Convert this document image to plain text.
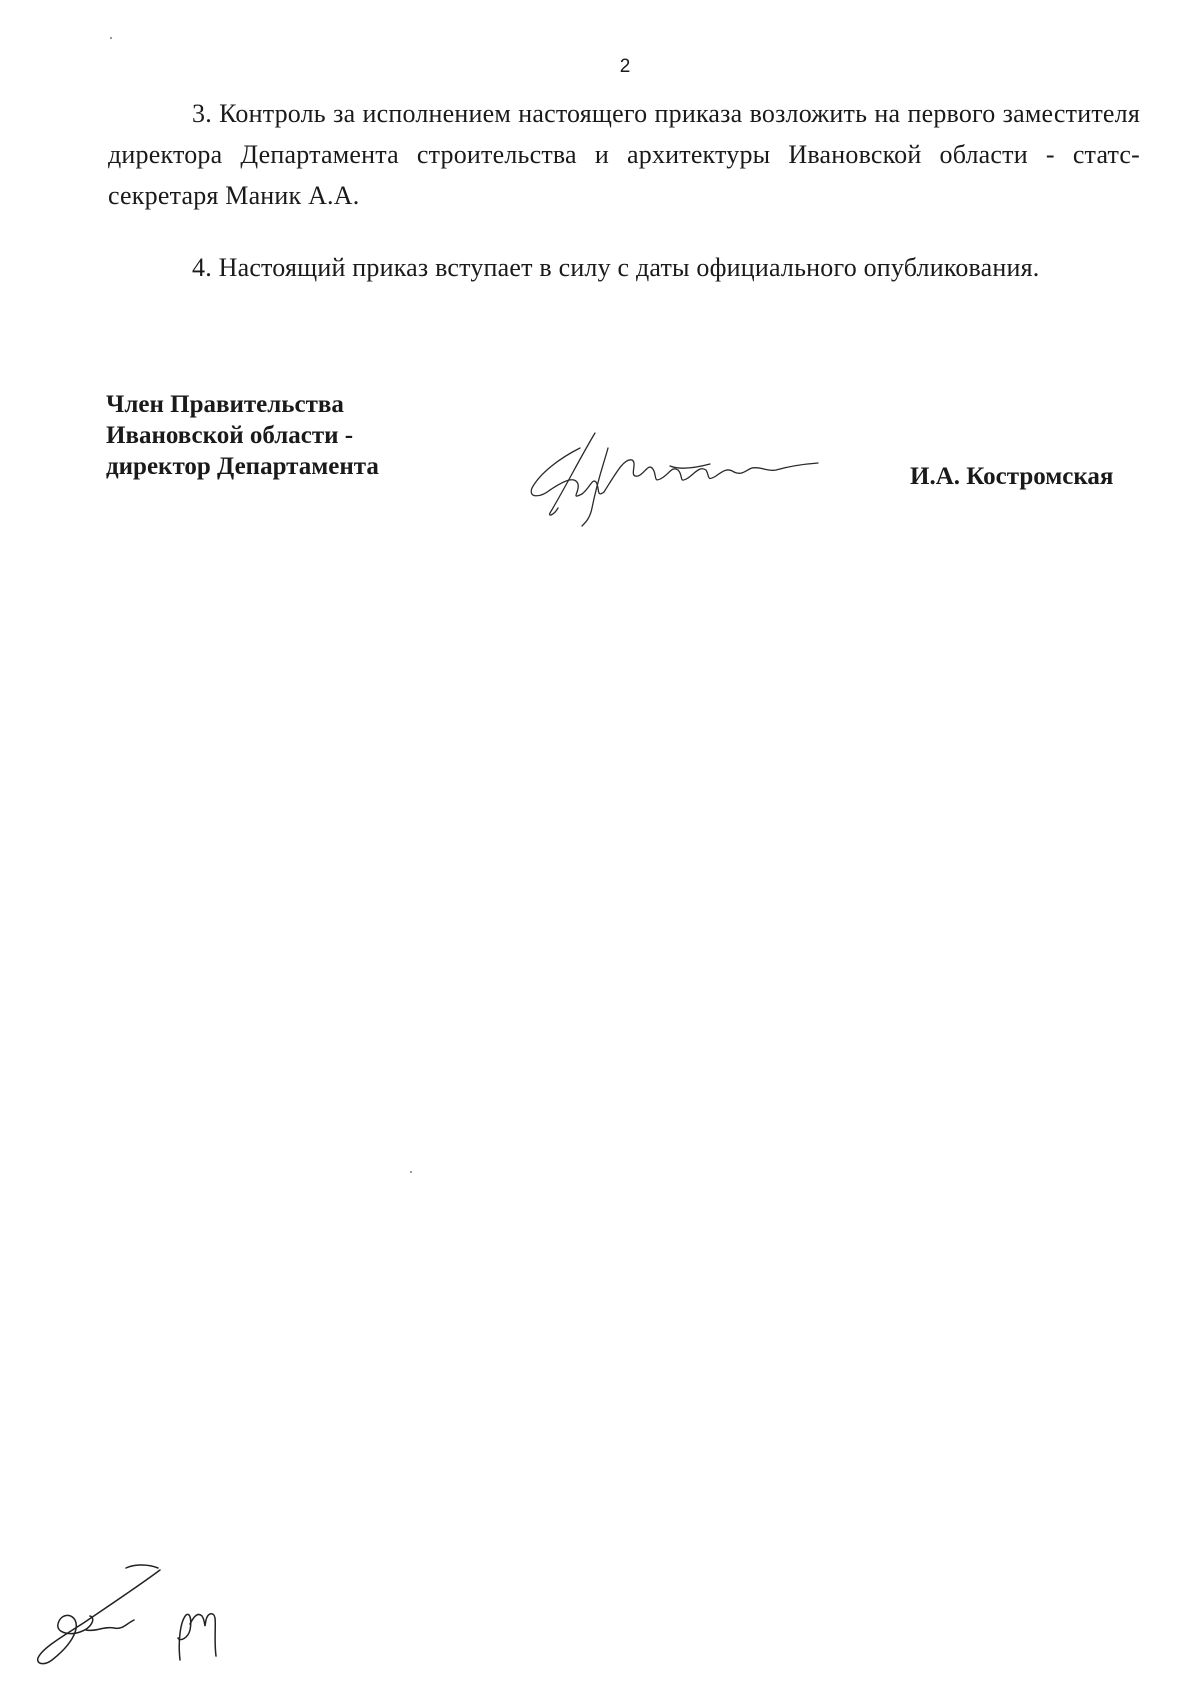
2
3. Контроль за исполнением настоящего приказа возложить на первого заместителя директора Департамента строительства и архитектуры Ивановской области - статс-секретаря Маник А.А.
4. Настоящий приказ вступает в силу с даты официального опубликования.
Член Правительства
Ивановской области -
директор Департамента	И.А. Костромская
